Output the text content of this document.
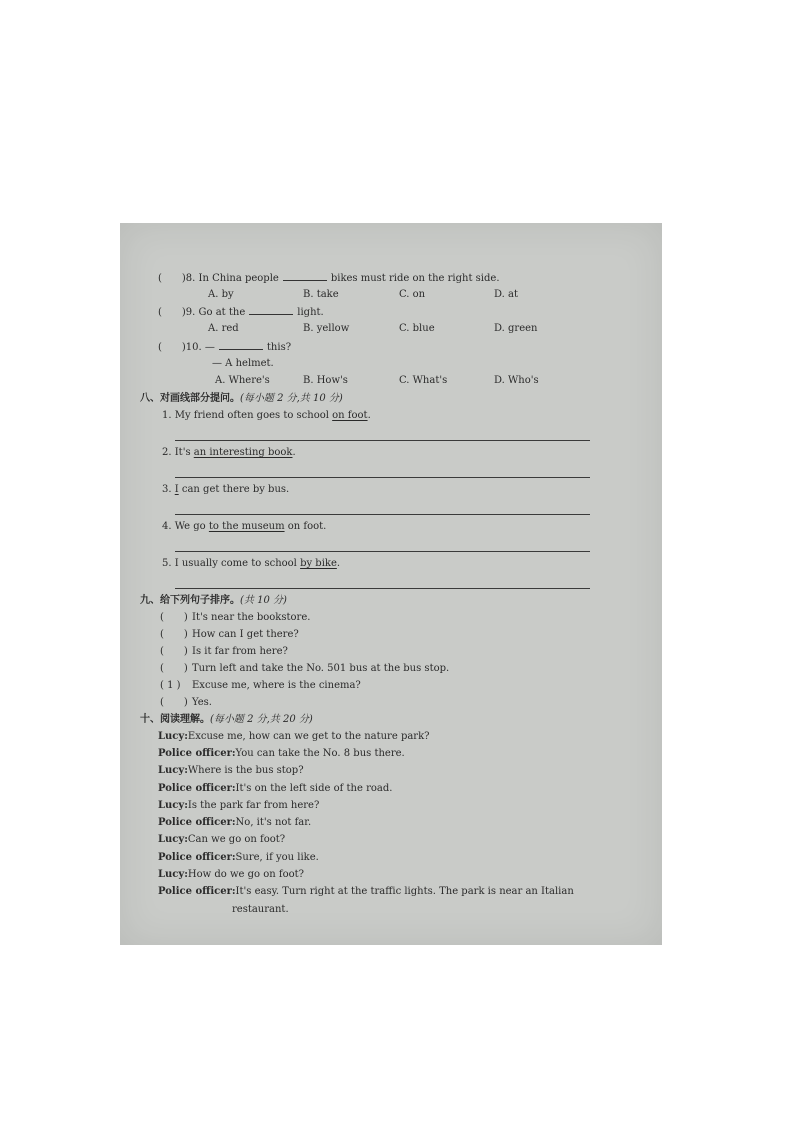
(  )8. In China people	bikes must ride on the right side.
A. by	B. take	C. on	D. at
(  )9. Go at the	light.
A. red	B. yellow	C. blue	D. green
(  )10. —	this?
— A helmet.
A. Where's	B. How's	C. What's	D. Who's
八、对画线部分提问。(每小题 2 分,共 10 分)
1. My friend often goes to school on foot.
2. It's an interesting book.
3. I can get there by bus.
4. We go to the museum on foot.
5. I usually come to school by bike.
九、给下列句子排序。(共 10 分)
(  ) It's near the bookstore.
(  ) How can I get there?
(  ) Is it far from here?
(  ) Turn left and take the No. 501 bus at the bus stop.
( 1 ) Excuse me, where is the cinema?
(  ) Yes.
十、阅读理解。(每小题 2 分,共 20 分)
Lucy:Excuse me, how can we get to the nature park?
Police officer:You can take the No. 8 bus there.
Lucy:Where is the bus stop?
Police officer:It's on the left side of the road.
Lucy:Is the park far from here?
Police officer:No, it's not far.
Lucy:Can we go on foot?
Police officer:Sure, if you like.
Lucy:How do we go on foot?
Police officer:It's easy. Turn right at the traffic lights. The park is near an Italian
restaurant.
